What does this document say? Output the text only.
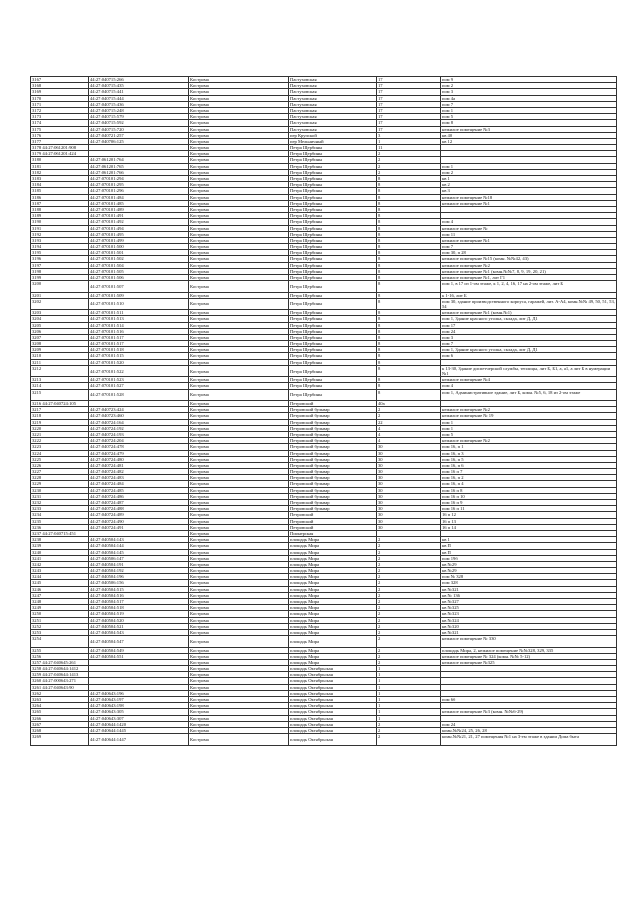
3167	44:27:040715:266	Кострома	Пастуховская	17	пом 9
3168	44:27:040715:435	Кострома	Пастуховская	17	пом 2
3169	44:27:040715:441	Кострома	Пастуховская	17	пом 3
3170	44:27:040715:444	Кострома	Пастуховская	17	пом 4а
3171	44:27:040715:436	Кострома	Пастуховская	17	пом 7
3172	44:27:040715:248	Кострома	Пастуховская	17	пом 1
3173	44:27:040715:579	Кострома	Пастуховская	17	пом 5
3174	44:27:040715:592	Кострома	Пастуховская	17	пом 8
3175	44:27:040715:720	Кострома	Пастуховская	17	нежилое помещение №3
3176	44:27:040721:257	Кострома	пер Крупской	3	кв 40
3177	44:27:040706:125	Кострома	пер Мельничный	1	кв 12
3178 44:27:061201:908		Кострома	Петра Щербины	11	
3179 44:27:061201:424		Кострома	Петра Щербины	2	
3180	44:27:061201:764	Кострома	Петра Щербины	2	
3181	44:27:061201:765	Кострома	Петра Щербины	2	пом 1
3182	44:27:061201:766	Кострома	Петра Щербины	2	пом 2
3183	44:27:070101:294	Кострома	Петра Щербины	8	кв 1
3184	44:27:070101:295	Кострома	Петра Щербины	8	кв 2
3185	44:27:070101:296	Кострома	Петра Щербины	8	кв 3
3186	44:27:070101:484	Кострома	Петра Щербины	8	нежилое помещение №18
3187	44:27:070101:485	Кострома	Петра Щербины	8	нежилое помещение №1
3188	44:27:070101:489	Кострома	Петра Щербины	8	
3189	44:27:070101:491	Кострома	Петра Щербины	8	
3190	44:27:070101:492	Кострома	Петра Щербины	8	пом 4
3191	44:27:070101:494	Кострома	Петра Щербины	8	нежилое помещение №
3192	44:27:070101:495	Кострома	Петра Щербины	8	пом 11
3193	44:27:070101:499	Кострома	Петра Щербины	8	нежилое помещение №1
3194	44:27:070101:500	Кострома	Петра Щербины	8	пом 7
3195	44:27:070101:501	Кострома	Петра Щербины	8	пом 30, п 28
3196	44:27:070101:502	Кострома	Петра Щербины	8	нежилое помещение №15 (комн. №№42, 43)
3197	44:27:070101:504	Кострома	Петра Щербины	8	нежилое помещение №2
3198	44:27:070101:505	Кострома	Петра Щербины	8	нежилое помещение №1 (комн.№№7, 8, 9, 19, 20, 21)
3199	44:27:070101:506	Кострома	Петра Щербины	8	нежилое помещение №1, лит Г1
3200	44:27:070101:507	Кострома	Петра Щербины	8	пом 1, в 17 из 1-ом этаже, к 1, 2, 4, 16, 17 на 2-ом этаже, лит Б
3201	44:27:070101:509	Кострома	Петра Щербины	8	к 1-16, лит Б
3202	44:27:070101:510	Кострома	Петра Щербины	8	пом 30, здание производственного корпуса, гаражей, лит. А-А4, комн.№№ 49, 50, 51, 53, 54
3203	44:27:070101:511	Кострома	Петра Щербины	8	нежилое помещение №1 (комн.№1)
3204	44:27:070101:513	Кострома	Петра Щербины	8	пом 1, Здание красного уголка, склада, лит Д, Д1
3205	44:27:070101:514	Кострома	Петра Щербины	8	пом 17
3206	44:27:070101:516	Кострома	Петра Щербины	8	пом 24
3207	44:27:070101:517	Кострома	Петра Щербины	8	пом 3
3208	44:27:070101:517	Кострома	Петра Щербины	8	пом 7
3209	44:27:070101:518	Кострома	Петра Щербины	8	пом 1, Здание красного уголка, склада, лит Д, Д1
3210	44:27:070101:515	Кострома	Петра Щербины	8	пом 6
3211	44:27:070101:520	Кострома	Петра Щербины	8	
3212	44:27:070101:522	Кострома	Петра Щербины	8	к 13-30, Здание диспетчерской службы, теплицы, лит Б, Б1, а, а1, а лит Б в нумерации №1
3213	44:27:070101:523	Кострома	Петра Щербины	8	нежилое помещение №4
3214	44:27:070101:527	Кострома	Петра Щербины	8	пом 4
3215	44:27:070101:528	Кострома	Петра Щербины	8	пом 1, Административное здание, лит Б, комн. №5, 6, 18 из 2-ом этаже
3216 44:27:040724:105		Кострома	Петровский	40а	
3217	44:27:040723:424	Кострома	Петровский бульвар	2	нежилое помещение №2
3218	44:27:040723:460	Кострома	Петровский бульвар	2	нежилое помещение № 19
3219	44:27:040724:164	Кострома	Петровский бульвар	22	пом 1
3220	44:27:040724:192	Кострома	Петровский бульвар	4	пом 1
3221	44:27:040724:193	Кострома	Петровский бульвар	4	пом 5
3222	44:27:040724:204	Кострома	Петровский бульвар	4	нежилое помещение №2
3223	44:27:040724:478	Кострома	Петровский бульвар	30	пом 16, п 1
3224	44:27:040724:479	Кострома	Петровский бульвар	30	пом 16, п 3
3225	44:27:040724:480	Кострома	Петровский бульвар	30	пом 16, п 5
3226	44:27:040724:481	Кострома	Петровский бульвар	30	пом 16, п 6
3227	44:27:040724:482	Кострома	Петровский бульвар	30	пом 16 п 7
3228	44:27:040724:483	Кострома	Петровский бульвар	30	пом 16, п 2
3229	44:27:040724:484	Кострома	Петровский бульвар	30	пом 16, п 4
3230	44:27:040724:485	Кострома	Петровский бульвар	30	пом 16 п 8
3231	44:27:040724:486	Кострома	Петровский бульвар	30	пом 16 п 10
3232	44:27:040724:487	Кострома	Петровский бульвар	30	пом 16 п 9
3233	44:27:040724:488	Кострома	Петровский бульвар	30	пом 16 п 11
3234	44:27:040724:489	Кострома	Петровский	30	16 п 12
3235	44:27:040724:490	Кострома	Петровский	30	16 п 13
3236	44:27:040724:491	Кострома	Петровский	30	16 п 14
3237 44:27:040715:451		Кострома	Пионерская		
3238	44:27:040504:143	Кострома	площадь Мира	2	кв 1
3239	44:27:040504:144	Кострома	площадь Мира	2	кв П
3240	44:27:040504:145	Кострома	площадь Мира	2	кв П
3241	44:27:040506:147	Кострома	площадь Мира	2	пом 19б
3242	44:27:040504:191	Кострома	площадь Мира	2	кв №29
3243	44:27:040504:192	Кострома	площадь Мира	2	кв №29
3244	44:27:040504:196	Кострома	площадь Мира	2	пом № 328
3245	44:27:040506:156	Кострома	площадь Мира	2	пом 328
3246	44:27:040504:515	Кострома	площадь Мира	2	кв №321
3247	44:27:040504:516	Кострома	площадь Мира	2	кв № 136
3248	44:27:040504:517	Кострома	площадь Мира	2	кв №327
3249	44:27:040504:518	Кострома	площадь Мира	2	кв №325
3250	44:27:040504:519	Кострома	площадь Мира	2	кв №323
3251	44:27:040504:520	Кострома	площадь Мира	2	кв №324
3252	44:27:040504:521	Кострома	площадь Мира	2	кв №320
3253	44:27:040504:543	Кострома	площадь Мира	2	кв №321
3254	44:27:040504:547	Кострома	площадь Мира	2	нежилое помещение № 330
3255	44:27:040504:549	Кострома	площадь Мира	2	площадь Мира, 2, нежилое помещение №№328, 329, 335
3256	44:27:040504:551	Кострома	площадь Мира	2	нежилое помещение № 324 (комн. №№ 5-12)
3257 44:27:040645:261		Кострома	площадь Мира	2	нежилое помещение №325
3258 44:27:040644:1412		Кострома	площадь Октябрьская	1	
3259 44:27:040644:1413		Кострома	площадь Октябрьская	1	
3260 44:27:000643:271		Кострома	площадь Октябрьская	1	
3261 44:27:040643:90		Кострома	площадь Октябрьская	1	
3262	44:27:040643:196	Кострома	площадь Октябрьская	1	
3263	44:27:040643:197	Кострома	площадь Октябрьская	1	пом 6б
3264	44:27:040643:198	Кострома	площадь Октябрьская	1	
3265	44:27:040643:305	Кострома	площадь Октябрьская	1	нежилое помещение №3 (комн. №№6-29)
3266	44:27:040643:307	Кострома	площадь Октябрьская	1	
3267	44:27:040644:1420	Кострома	площадь Октябрьская	2	пом 24
3268	44:27:040644:1445	Кострома	площадь Октябрьская	2	комн.№№24, 25, 26, 28
3269	44:27:040644:1447	Кострома	площадь Октябрьская	2	комн.№№21, 21, 27 помещения №1 на 3-ем этаже в здании Дома быта
